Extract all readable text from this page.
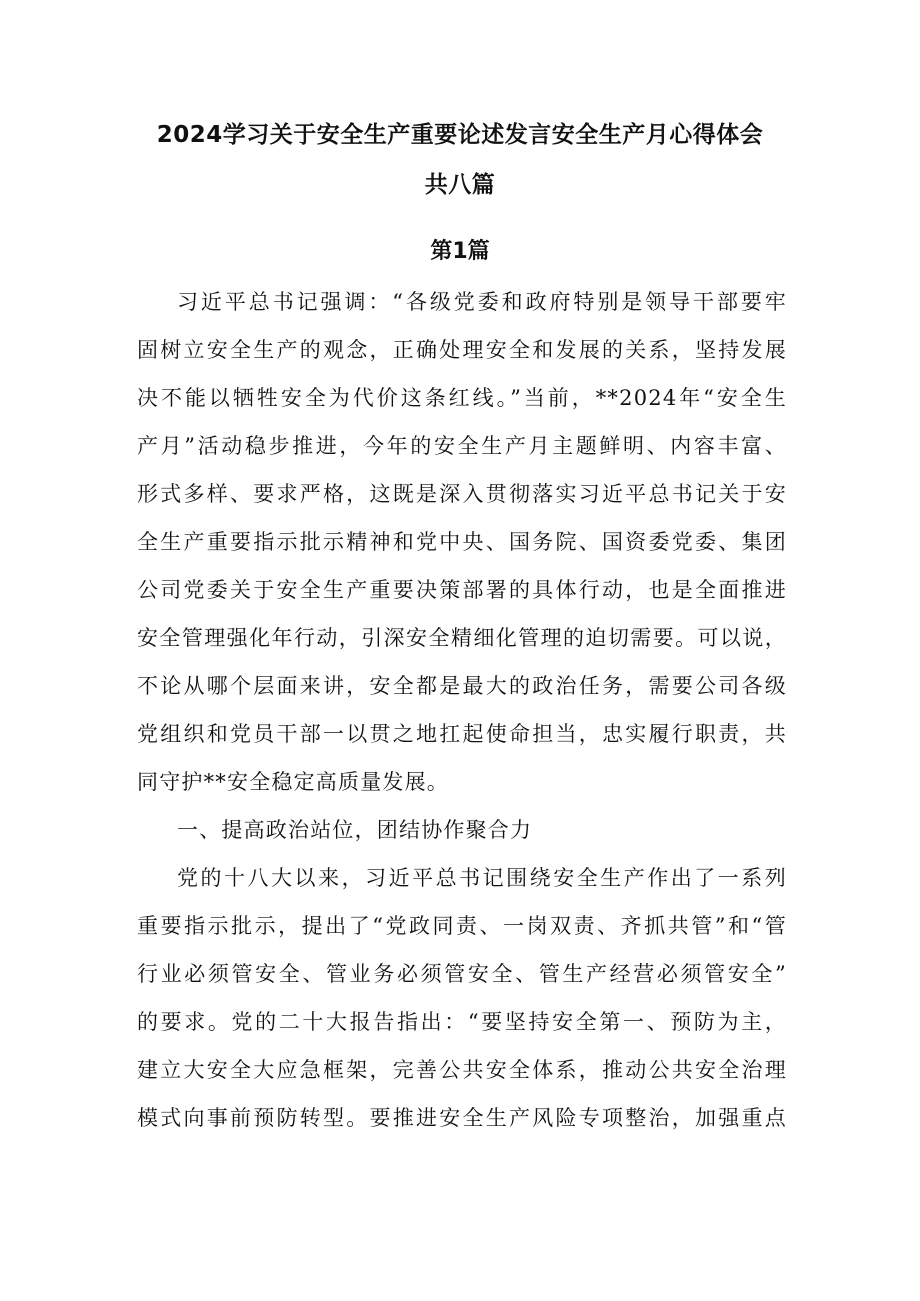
2024学习关于安全生产重要论述发言安全生产月心得体会
共八篇
第1篇
习近平总书记强调：“各级党委和政府特别是领导干部要牢
固树立安全生产的观念，正确处理安全和发展的关系，坚持发展
决不能以牺牲安全为代价这条红线。”当前，**2024年“安全生
产月”活动稳步推进，今年的安全生产月主题鲜明、内容丰富、
形式多样、要求严格，这既是深入贯彻落实习近平总书记关于安
全生产重要指示批示精神和党中央、国务院、国资委党委、集团
公司党委关于安全生产重要决策部署的具体行动，也是全面推进
安全管理强化年行动，引深安全精细化管理的迫切需要。可以说，
不论从哪个层面来讲，安全都是最大的政治任务，需要公司各级
党组织和党员干部一以贯之地扛起使命担当，忠实履行职责，共
同守护**安全稳定高质量发展。
一、提高政治站位，团结协作聚合力
党的十八大以来，习近平总书记围绕安全生产作出了一系列
重要指示批示，提出了“党政同责、一岗双责、齐抓共管”和“管
行业必须管安全、管业务必须管安全、管生产经营必须管安全”
的要求。党的二十大报告指出：“要坚持安全第一、预防为主，
建立大安全大应急框架，完善公共安全体系，推动公共安全治理
模式向事前预防转型。要推进安全生产风险专项整治，加强重点
